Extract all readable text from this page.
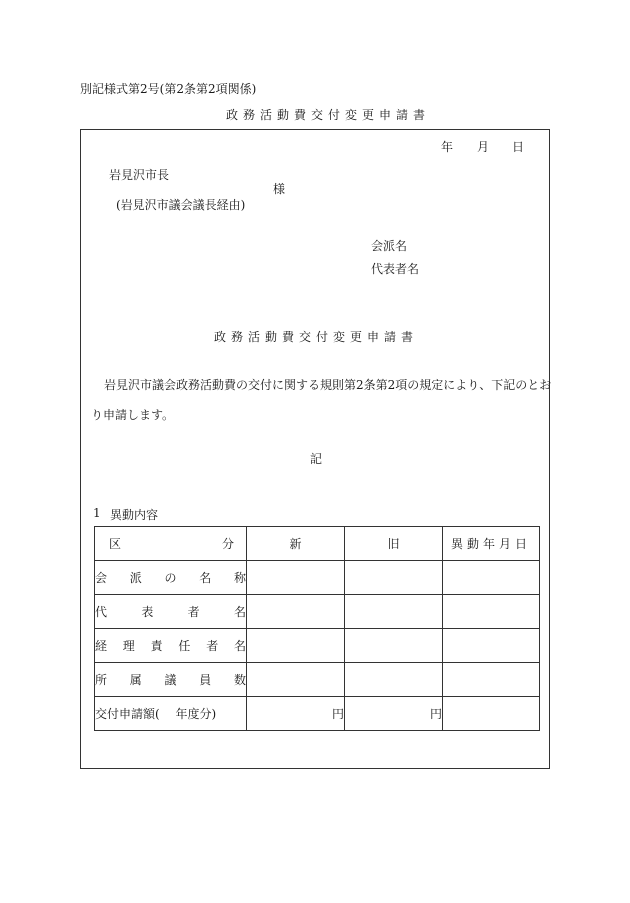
別記様式第2号(第2条第2項関係)
政務活動費交付変更申請書
年 月 日
岩見沢市長
様
(岩見沢市議会議長経由)
会派名
代表者名
政務活動費交付変更申請書
岩見沢市議会政務活動費の交付に関する規則第2条第2項の規定により、下記のとお
り申請します。
記
1 異動内容
区 分	新	旧	異動年月日
会派の名称			
代表者名			
経理責任者名			
所属議員数			
交付申請額(　 年度分)	円	円	
